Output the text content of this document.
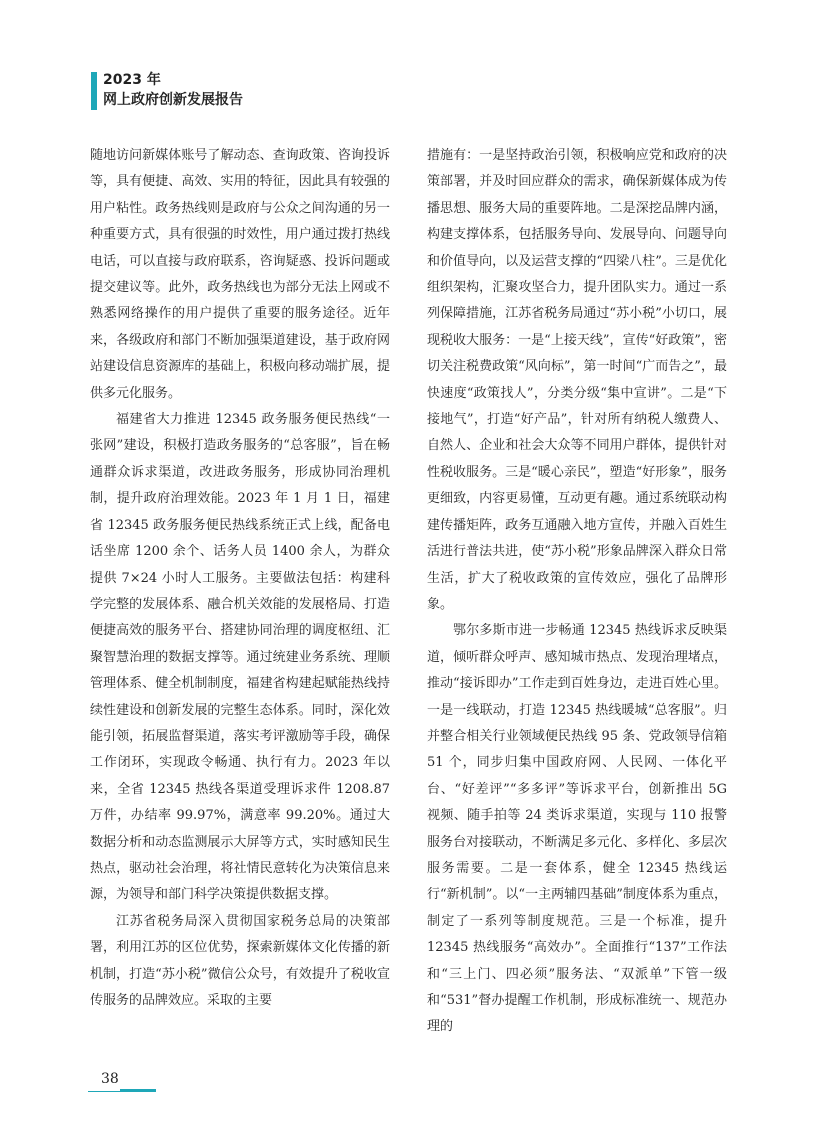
2023 年
网上政府创新发展报告

随地访问新媒体账号了解动态、查询政策、咨询投诉等，具有便捷、高效、实用的特征，因此具有较强的用户粘性。政务热线则是政府与公众之间沟通的另一种重要方式，具有很强的时效性，用户通过拨打热线电话，可以直接与政府联系，咨询疑惑、投诉问题或提交建议等。此外，政务热线也为部分无法上网或不熟悉网络操作的用户提供了重要的服务途径。近年来，各级政府和部门不断加强渠道建设，基于政府网站建设信息资源库的基础上，积极向移动端扩展，提供多元化服务。

福建省大力推进 12345 政务服务便民热线“一张网”建设，积极打造政务服务的“总客服”，旨在畅通群众诉求渠道，改进政务服务，形成协同治理机制，提升政府治理效能。2023 年 1 月 1 日，福建省 12345 政务服务便民热线系统正式上线，配备电话坐席 1200 余个、话务人员 1400 余人，为群众提供 7×24 小时人工服务。主要做法包括：构建科学完整的发展体系、融合机关效能的发展格局、打造便捷高效的服务平台、搭建协同治理的调度枢纽、汇聚智慧治理的数据支撑等。通过统建业务系统、理顺管理体系、健全机制制度，福建省构建起赋能热线持续性建设和创新发展的完整生态体系。同时，深化效能引领，拓展监督渠道，落实考评激励等手段，确保工作闭环，实现政令畅通、执行有力。2023 年以来，全省 12345 热线各渠道受理诉求件 1208.87 万件，办结率 99.97%，满意率 99.20%。通过大数据分析和动态监测展示大屏等方式，实时感知民生热点，驱动社会治理，将社情民意转化为决策信息来源，为领导和部门科学决策提供数据支撑。

江苏省税务局深入贯彻国家税务总局的决策部署，利用江苏的区位优势，探索新媒体文化传播的新机制，打造“苏小税”微信公众号，有效提升了税收宣传服务的品牌效应。采取的主要

措施有：一是坚持政治引领，积极响应党和政府的决策部署，并及时回应群众的需求，确保新媒体成为传播思想、服务大局的重要阵地。二是深挖品牌内涵，构建支撑体系，包括服务导向、发展导向、问题导向和价值导向，以及运营支撑的“四梁八柱”。三是优化组织架构，汇聚攻坚合力，提升团队实力。通过一系列保障措施，江苏省税务局通过“苏小税”小切口，展现税收大服务：一是“上接天线”，宣传“好政策”，密切关注税费政策“风向标”，第一时间“广而告之”，最快速度“政策找人”，分类分级“集中宣讲”。二是“下接地气”，打造“好产品”，针对所有纳税人缴费人、自然人、企业和社会大众等不同用户群体，提供针对性税收服务。三是“暖心亲民”，塑造“好形象”，服务更细致，内容更易懂，互动更有趣。通过系统联动构建传播矩阵，政务互通融入地方宣传，并融入百姓生活进行普法共进，使“苏小税”形象品牌深入群众日常生活，扩大了税收政策的宣传效应，强化了品牌形象。

鄂尔多斯市进一步畅通 12345 热线诉求反映渠道，倾听群众呼声、感知城市热点、发现治理堵点，推动“接诉即办”工作走到百姓身边，走进百姓心里。一是一线联动，打造 12345 热线暖城“总客服”。归并整合相关行业领域便民热线 95 条、党政领导信箱 51 个，同步归集中国政府网、人民网、一体化平台、“好差评”“多多评”等诉求平台，创新推出 5G 视频、随手拍等 24 类诉求渠道，实现与 110 报警服务台对接联动，不断满足多元化、多样化、多层次服务需要。二是一套体系，健全 12345 热线运行“新机制”。以“一主两辅四基础”制度体系为重点，制定了一系列等制度规范。三是一个标准，提升 12345 热线服务“高效办”。全面推行“137”工作法和“三上门、四必须”服务法、“双派单”下管一级和“531”督办提醒工作机制，形成标准统一、规范办理的

38
